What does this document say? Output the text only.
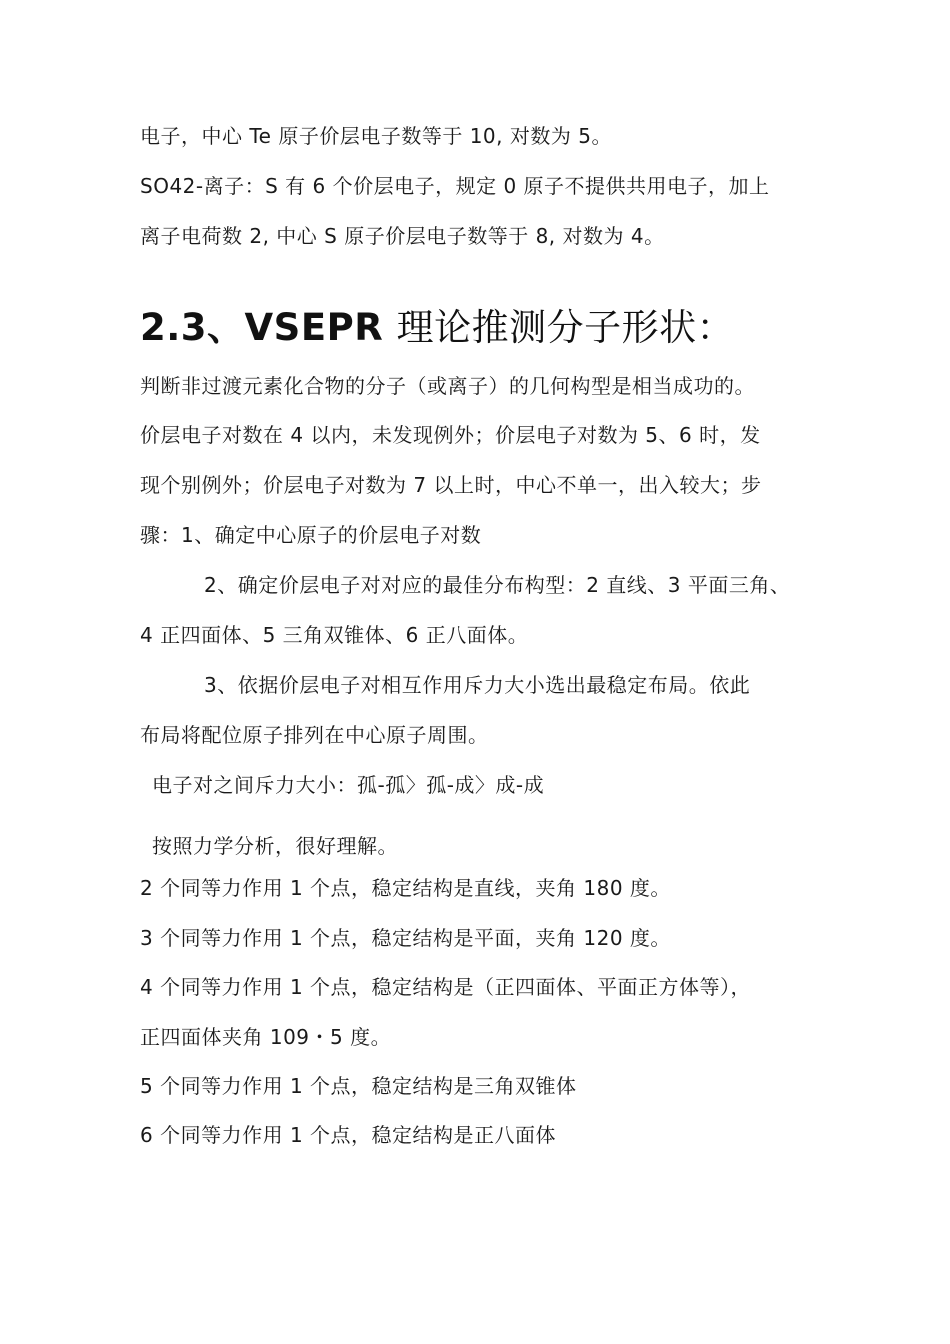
电子，中心 Te 原子价层电子数等于 10, 对数为 5。
SO42-离子：S 有 6 个价层电子，规定 0 原子不提供共用电子，加上
离子电荷数 2, 中心 S 原子价层电子数等于 8, 对数为 4。
2.3、VSEPR 理论推测分子形状：
判断非过渡元素化合物的分子（或离子）的几何构型是相当成功的。
价层电子对数在 4 以内，未发现例外；价层电子对数为 5、6 时，发
现个别例外；价层电子对数为 7 以上时，中心不单一，出入较大；步
骤：1、确定中心原子的价层电子对数
2、确定价层电子对对应的最佳分布构型：2 直线、3 平面三角、
4 正四面体、5 三角双锥体、6 正八面体。
3、依据价层电子对相互作用斥力大小选出最稳定布局。依此
布局将配位原子排列在中心原子周围。
电子对之间斥力大小：孤-孤〉孤-成〉成-成
按照力学分析，很好理解。
2 个同等力作用 1 个点，稳定结构是直线，夹角 180 度。
3 个同等力作用 1 个点，稳定结构是平面，夹角 120 度。
4 个同等力作用 1 个点，稳定结构是（正四面体、平面正方体等），
正四面体夹角 109・5 度。
5 个同等力作用 1 个点，稳定结构是三角双锥体
6 个同等力作用 1 个点，稳定结构是正八面体
